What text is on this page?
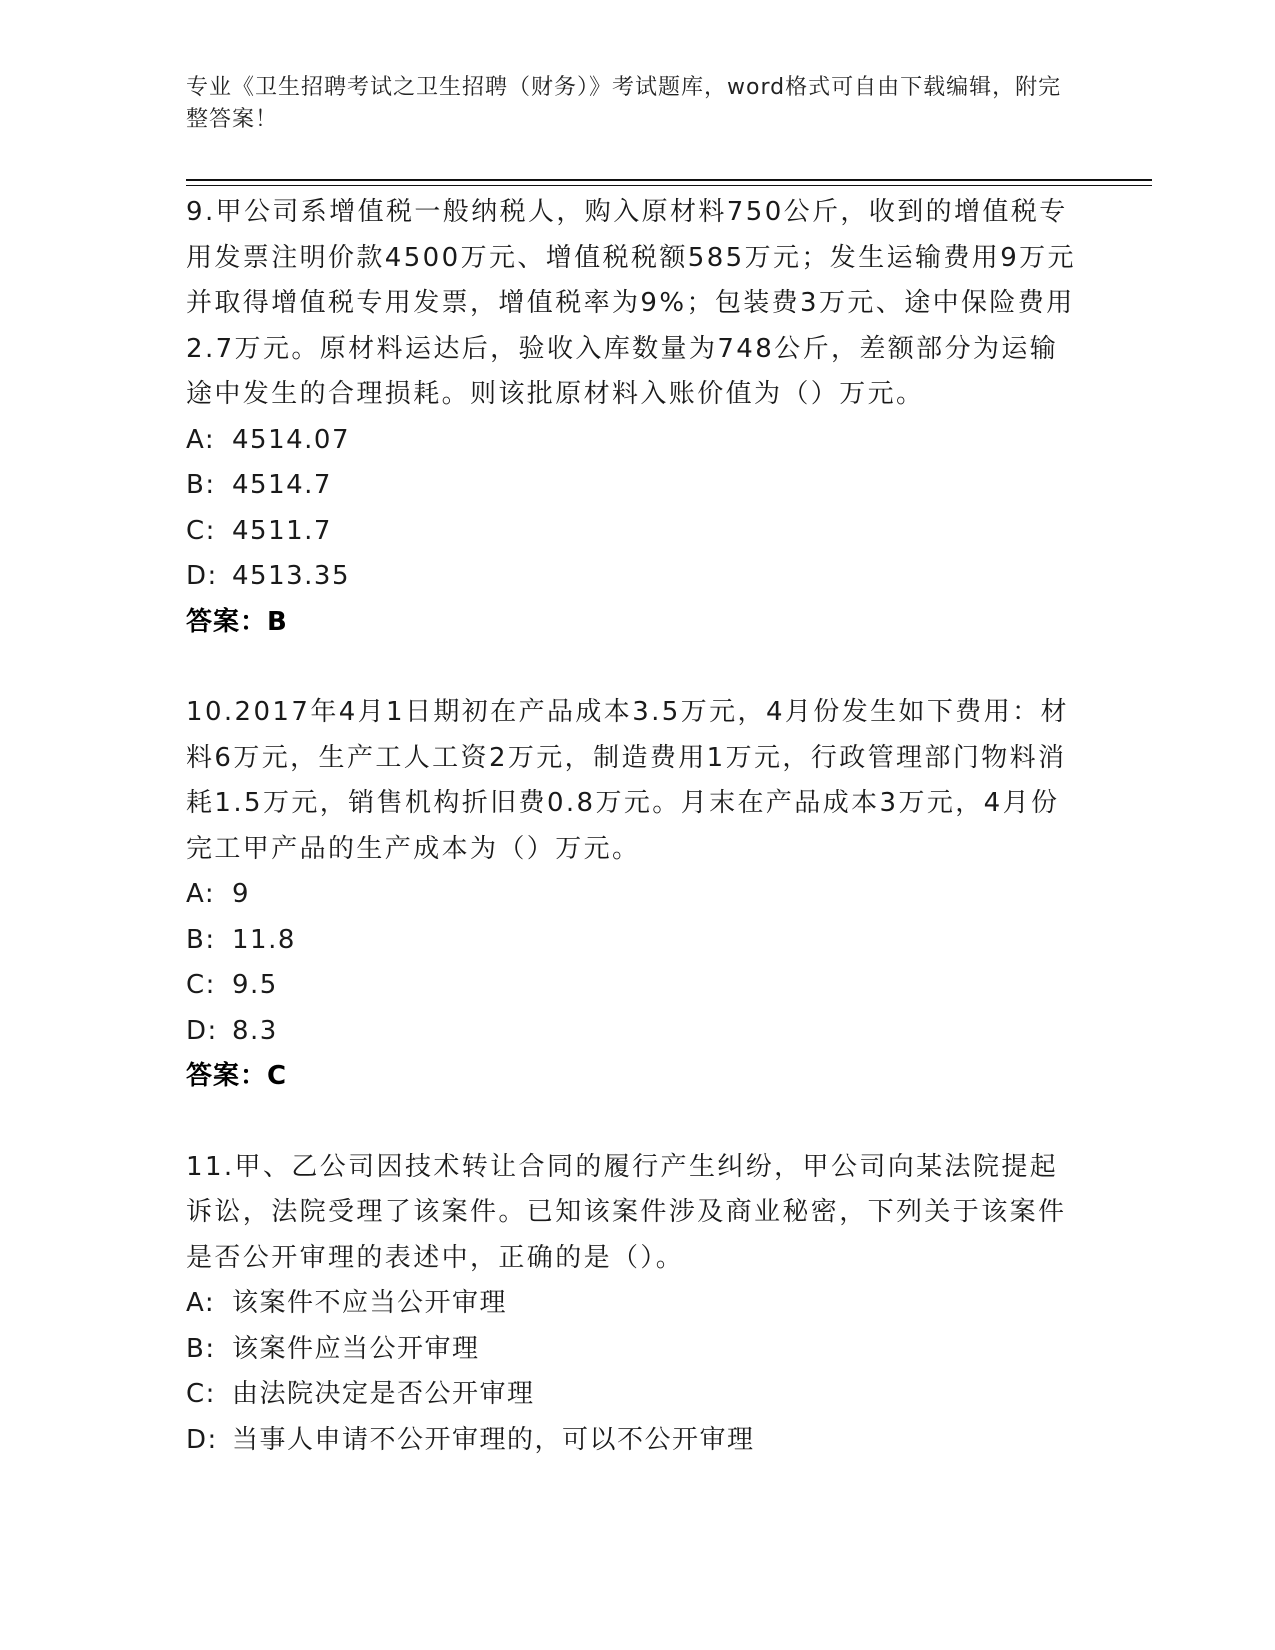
专业《卫生招聘考试之卫生招聘（财务）》考试题库，word格式可自由下载编辑，附完整答案！

9.甲公司系增值税一般纳税人，购入原材料750公斤，收到的增值税专用发票注明价款4500万元、增值税税额585万元；发生运输费用9万元并取得增值税专用发票，增值税率为9%；包装费3万元、途中保险费用2.7万元。原材料运达后，验收入库数量为748公斤，差额部分为运输途中发生的合理损耗。则该批原材料入账价值为（）万元。

A: 4514.07
B: 4514.7
C: 4511.7
D: 4513.35
答案：B

10.2017年4月1日期初在产品成本3.5万元，4月份发生如下费用：材料6万元，生产工人工资2万元，制造费用1万元，行政管理部门物料消耗1.5万元，销售机构折旧费0.8万元。月末在产品成本3万元，4月份完工甲产品的生产成本为（）万元。

A: 9
B: 11.8
C: 9.5
D: 8.3
答案：C

11.甲、乙公司因技术转让合同的履行产生纠纷，甲公司向某法院提起诉讼，法院受理了该案件。已知该案件涉及商业秘密，下列关于该案件是否公开审理的表述中，正确的是（）。

A: 该案件不应当公开审理
B: 该案件应当公开审理
C: 由法院决定是否公开审理
D: 当事人申请不公开审理的，可以不公开审理
